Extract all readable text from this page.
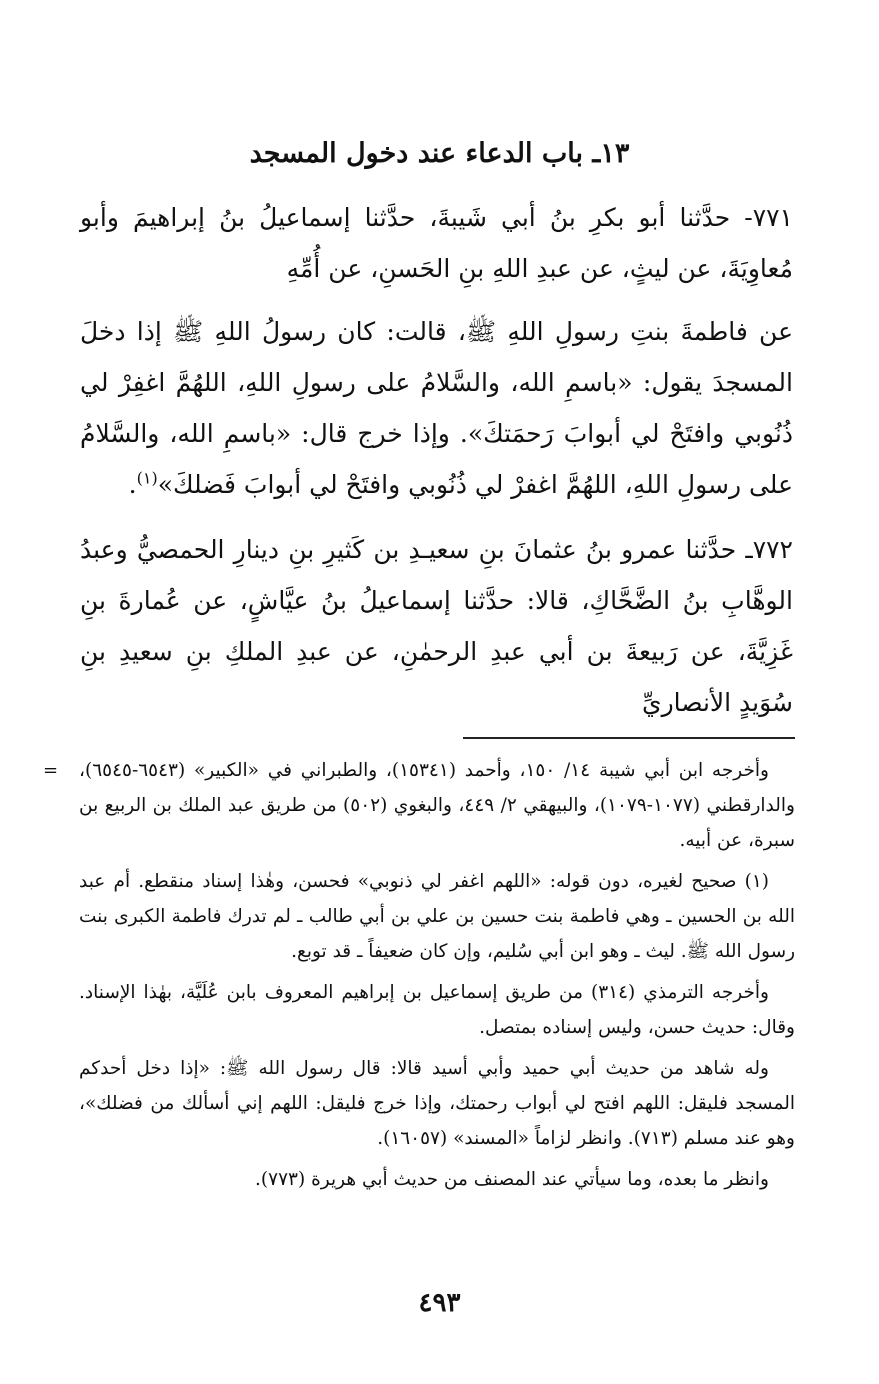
١٣ـ باب الدعاء عند دخول المسجد

٧٧١- حدَّثنا أبو بكرِ بنُ أبي شَيبةَ، حدَّثنا إسماعيلُ بنُ إبراهيمَ وأبو مُعاوِيَةَ، عن ليثٍ، عن عبدِ اللهِ بنِ الحَسنِ، عن أُمِّهِ

عن فاطمةَ بنتِ رسولِ اللهِ ﷺ، قالت: كان رسولُ اللهِ ﷺ إذا دخلَ المسجدَ يقول: «باسمِ الله، والسَّلامُ على رسولِ اللهِ، اللهُمَّ اغفِرْ لي ذُنُوبي وافتَحْ لي أبوابَ رَحمَتكَ». وإذا خرج قال: «باسمِ الله، والسَّلامُ على رسولِ اللهِ، اللهُمَّ اغفرْ لي ذُنُوبي وافتَحْ لي أبوابَ فَضلكَ»$^{(١)}$.

٧٧٢ـ حدَّثنا عمرو بنُ عثمانَ بنِ سعيـدِ بن كَثيرِ بنِ دينارِ الحمصيُّ وعبدُ الوهَّابِ بنُ الضَّحَّاكِ، قالا: حدَّثنا إسماعيلُ بنُ عيَّاشٍ، عن عُمارةَ بنِ غَزِيَّةَ، عن رَبيعةَ بن أبي عبدِ الرحمٰنِ، عن عبدِ الملكِ بنِ سعيدِ بنِ سُوَيدٍ الأنصاريِّ

=	وأخرجه ابن أبي شيبة ١٤/ ١٥٠، وأحمد (١٥٣٤١)، والطبراني في «الكبير» (٦٥٤٣-٦٥٤٥)، والدارقطني (١٠٧٧-١٠٧٩)، والبيهقي ٢/ ٤٤٩، والبغوي (٥٠٢) من طريق عبد الملك بن الربيع بن سبرة، عن أبيه.

(١) صحيح لغيره، دون قوله: «اللهم اغفر لي ذنوبي» فحسن، وهٰذا إسناد منقطع. أم عبد الله بن الحسين ـ وهي فاطمة بنت حسين بن علي بن أبي طالب ـ لم تدرك فاطمة الكبرى بنت رسول الله ﷺ. ليث ـ وهو ابن أبي سُليم، وإن كان ضعيفاً ـ قد توبع.

وأخرجه الترمذي (٣١٤) من طريق إسماعيل بن إبراهيم المعروف بابن عُلَيَّة، بهٰذا الإسناد. وقال: حديث حسن، وليس إسناده بمتصل.

وله شاهد من حديث أبي حميد وأبي أسيد قالا: قال رسول الله ﷺ: «إذا دخل أحدكم المسجد فليقل: اللهم افتح لي أبواب رحمتك، وإذا خرج فليقل: اللهم إني أسألك من فضلك»، وهو عند مسلم (٧١٣). وانظر لزاماً «المسند» (١٦٠٥٧).

وانظر ما بعده، وما سيأتي عند المصنف من حديث أبي هريرة (٧٧٣).

٤٩٣
